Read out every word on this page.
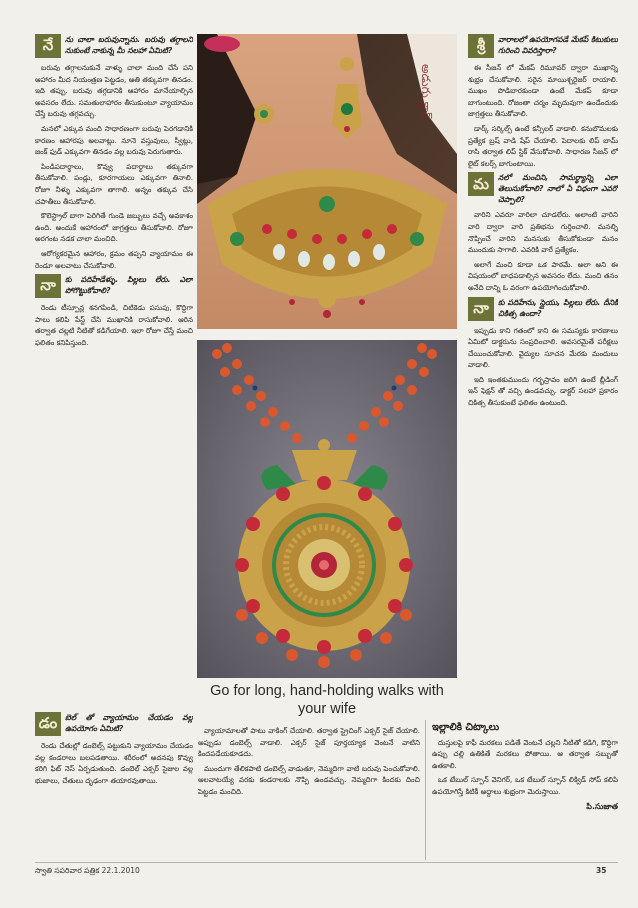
నే	ను చాలా బరువున్నాను. బరువు తగ్గాలని నుకుంటే నాకున్న మీ సలహా ఏమిటి?

బరువు తగ్గాలనుకునే వాళ్ళు చాలా మంది చేసే పని ఆహారం మీద నియంత్రణ పెట్టడం, అతి తక్కువగా తినడం. ఇది తప్పు. బరువు తగ్గడానికి ఆహారం మానేయాల్సిన అవసరం లేదు. సమతులాహారం తీసుకుంటూ వ్యాయామం చేస్తే బరువు తగ్గవచ్చు.

మనలో ఎక్కువ మంది సాధారణంగా బరువు పెరగడానికి కారణం ఆహారపు అలవాట్లు. నూనె వస్తువులు, స్వీట్లు, జంక్ ఫుడ్ ఎక్కువగా తినడం వల్ల బరువు పెరుగుతారు.

పిండిపదార్థాలు, కొవ్వు పదార్థాలు తక్కువగా తీసుకోవాలి. పండ్లు, కూరగాయలు ఎక్కువగా తినాలి. రోజూ నీళ్ళు ఎక్కువగా తాగాలి. అన్నం తక్కువ చేసి చపాతీలు తీసుకోవాలి.

కొలెస్ట్రాల్ బాగా పెరిగితే గుండె జబ్బులు వచ్చే అవకాశం ఉంది. అందుకే ఆహారంలో జాగ్రత్తలు తీసుకోవాలి. రోజూ అరగంట నడక చాలా మంచిది.

ఆరోగ్యకరమైన ఆహారం, క్రమం తప్పని వ్యాయామం ఈ రెండూ అలవాటు చేసుకోవాలి.

నా	కు పదిహేడేళ్ళు. పిల్లలు లేరు. ఎలా పోగొట్టుకోవాలి?

రెండు టీస్పూన్ల శనగపిండి, చిటికెడు పసుపు, కొద్దిగా పాలు కలిపి పేస్ట్ చేసి ముఖానికి రాసుకోవాలి. ఆరిన తర్వాత చల్లటి నీటితో కడిగేయాలి. ఇలా రోజూ చేస్తే మంచి ఫలితం కనిపిస్తుంది.

డం	బెల్ తో వ్యాయామం చేయడం వల్ల ఉపయోగం ఏమిటి?

రెండు చేతుల్లో డంబెల్స్ పట్టుకుని వ్యాయామం చేయడం వల్ల కండరాలు బలపడతాయి. శరీరంలో అదనపు కొవ్వు కరిగి ఫిట్ నెస్ ఏర్పడుతుంది. డంబెల్ ఎక్సర్ సైజుల వల్ల భుజాలు, చేతులు దృఢంగా తయారవుతాయి.

అడుగు క్లాస్
Go for long, hand-holding walks with your wife

వ్యాయామాలతో పాటు వాకింగ్ చేయాలి. తర్వాత స్ట్రెచింగ్ ఎక్సర్ సైజ్ చేయాలి. అప్పుడు డంబెల్స్ వాడాలి. ఎక్సర్ సైజ్ పూర్తయ్యాక వెంటనే వాటిని కిందపడేయకూడదు.

ముందుగా తేలికపాటి డంబెల్స్ వాడుతూ, నెమ్మదిగా వాటి బరువు పెంచుకోవాలి. అలవాటయ్యే వరకు కండరాలకు నొప్పి ఉండవచ్చు. నెమ్మదిగా కిందకు దించి పెట్టడం మంచిది.

శ్రీ	వారాలలో ఉపయోగపడే మేకప్ కిటుకులు గురించి వివరిస్తారా?

ఈ సీజన్ లో మేకప్ రిమూవర్ ద్వారా ముఖాన్ని శుభ్రం చేసుకోవాలి. సరైన మాయిశ్చరైజర్ రాయాలి. ముఖం పొడిబారకుండా ఉంటే మేకప్ కూడా బాగుంటుంది. రోజంతా చర్మం మృదువుగా ఉండేందుకు జాగ్రత్తలు తీసుకోవాలి.

డార్క్ సర్కిల్స్ ఉంటే కన్సీలర్ వాడాలి. కనుబొమలకు ప్రత్యేక బ్రష్ వాడి షేప్ చేయాలి. పెదాలకు లిప్ బామ్ రాసి తర్వాత లిప్ స్టిక్ వేసుకోవాలి. సాధారణ సీజన్ లో లైట్ కలర్స్ బాగుంటాయి.

మ	నలో మంచిని, సామర్థ్యాన్ని ఎలా తెలుసుకోవాలి? నాలో ఏ విధంగా ఎవరో చెప్పాలి?

వారిని ఎవరూ వారిలా చూడలేరు. అలాంటి వారిని వారి ద్వారా వారి ప్రతిభను గుర్తించాలి. మనల్ని నొప్పించే వారిని మనసుకు తీసుకోకుండా మనం ముందుకు సాగాలి. ఎవరికి వారే ప్రత్యేకం.

అలాగే మంచి కూడా ఒక పాఠమే. అలా అని ఈ విషయంలో బాధపడాల్సిన అవసరం లేదు. మంచి తనం అనేది దాన్ని ఓ వరంగా ఉపయోగించుకోవాలి.

నా	కు పదిహేను, స్లైయు, పిల్లలు లేరు. దీనికి చికిత్స ఉందా?

ఇప్పుడు కాని గతంలో కాని ఈ సమస్యకు కారణాలు ఏమిటో డాక్టరును సంప్రదించాలి. అవసరమైతే పరీక్షలు చేయించుకోవాలి. వైద్యుల సూచన మేరకు మందులు వాడాలి.

ఇది ఇంతకుముందు గర్భస్రావం జరిగి ఉంటే బ్లీడింగ్ ఇన్ ఫెక్షన్ తో వచ్చి ఉండవచ్చు. డాక్టర్ సలహా ప్రకారం చికిత్స తీసుకుంటే ఫలితం ఉంటుంది.

ఇల్లాలికి చిట్కాలు

దుస్తులపై కాఫీ మరకలు పడితే వెంటనే చల్లని నీటితో కడిగి, కొద్దిగా ఉప్పు చల్లి ఉతికితే మరకలు పోతాయి. ఆ తర్వాత సబ్బుతో ఉతకాలి.

ఒక టేబుల్ స్పూన్ వెనిగర్, ఒక టేబుల్ స్పూన్ లిక్విడ్ సోప్ కలిపి ఉపయోగిస్తే కిటికీ అద్దాలు శుభ్రంగా మెరుస్తాయి.

పి.సుజాత
స్వాతి సపరివార పత్రిక 22.1.2010	35
